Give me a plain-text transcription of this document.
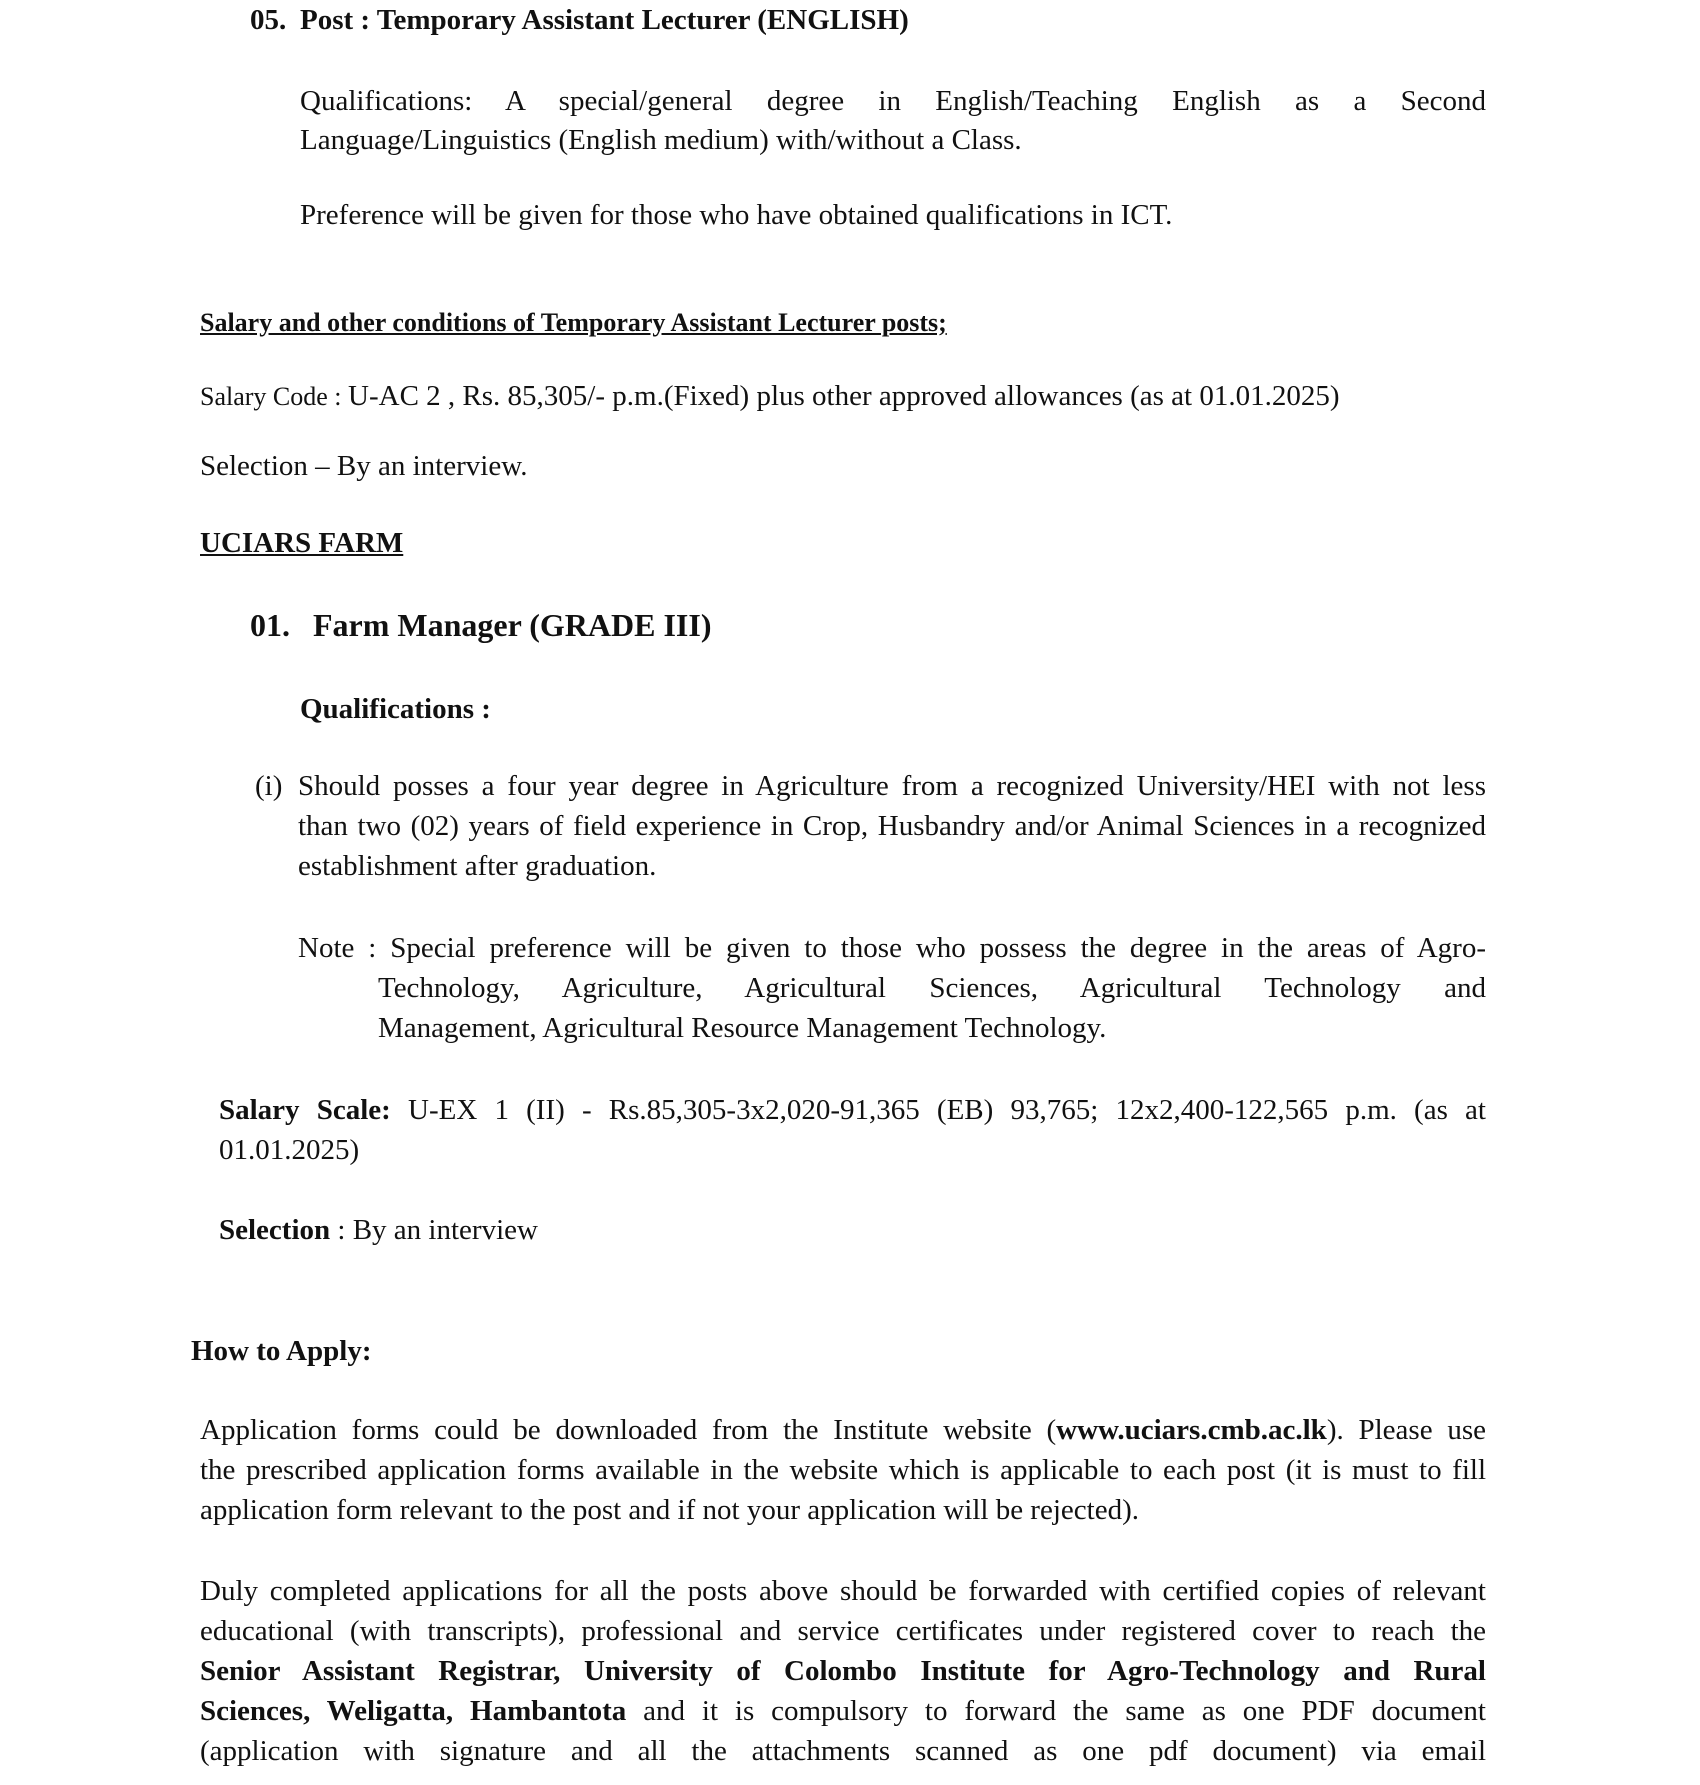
05. Post : Temporary Assistant Lecturer (ENGLISH)
Qualifications: A special/general degree in English/Teaching English as a Second
Language/Linguistics (English medium) with/without a Class.
Preference will be given for those who have obtained qualifications in ICT.
Salary and other conditions of Temporary Assistant Lecturer posts;
Salary Code : U-AC 2 , Rs. 85,305/- p.m.(Fixed) plus other approved allowances (as at 01.01.2025)
Selection – By an interview.
UCIARS FARM
01. Farm Manager (GRADE III)
Qualifications :
(i) Should posses a four year degree in Agriculture from a recognized University/HEI with not less
than two (02) years of field experience in Crop, Husbandry and/or Animal Sciences in a recognized
establishment after graduation.
Note : Special preference will be given to those who possess the degree in the areas of Agro-
Technology, Agriculture, Agricultural Sciences, Agricultural Technology and
Management, Agricultural Resource Management Technology.
Salary Scale: U-EX 1 (II) - Rs.85,305-3x2,020-91,365 (EB) 93,765; 12x2,400-122,565 p.m. (as at
01.01.2025)
Selection : By an interview
How to Apply:
Application forms could be downloaded from the Institute website (www.uciars.cmb.ac.lk). Please use
the prescribed application forms available in the website which is applicable to each post (it is must to fill
application form relevant to the post and if not your application will be rejected).
Duly completed applications for all the posts above should be forwarded with certified copies of relevant
educational (with transcripts), professional and service certificates under registered cover to reach the
Senior Assistant Registrar, University of Colombo Institute for Agro-Technology and Rural
Sciences, Weligatta, Hambantota and it is compulsory to forward the same as one PDF document
(application with signature and all the attachments scanned as one pdf document) via email
